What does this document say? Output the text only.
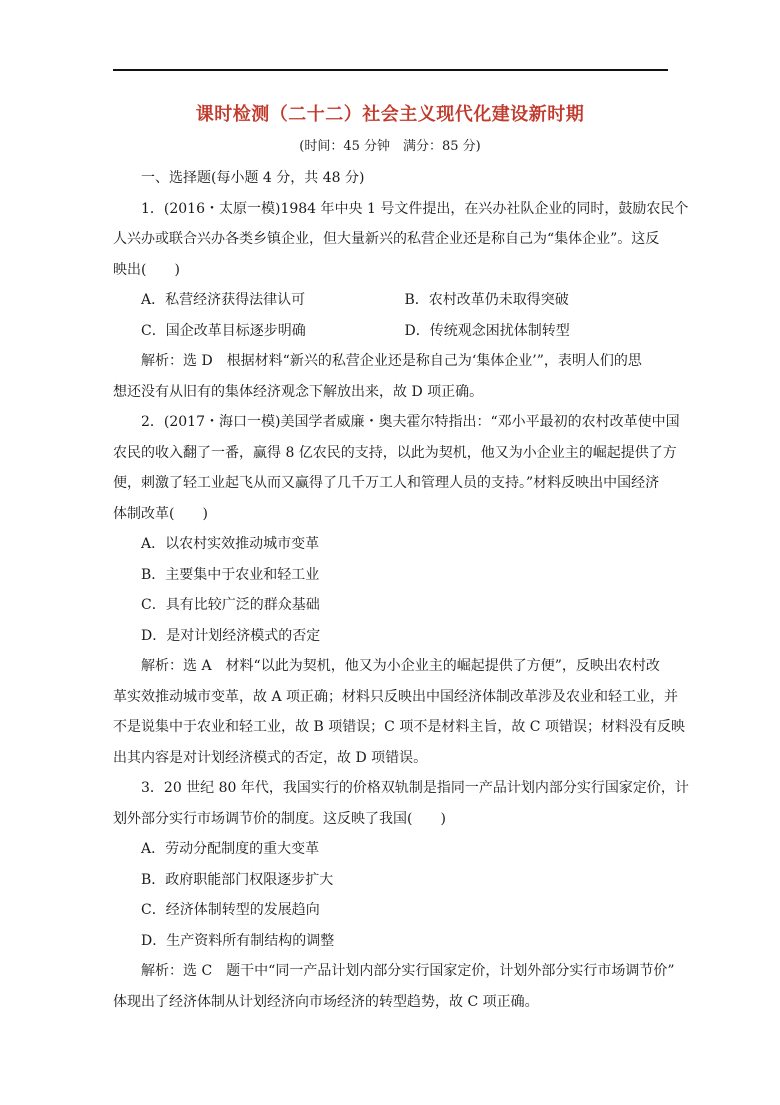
课时检测（二十二）社会主义现代化建设新时期
(时间：45 分钟　满分：85 分)
一、选择题(每小题 4 分，共 48 分)
1．(2016・太原一模)1984 年中央 1 号文件提出，在兴办社队企业的同时，鼓励农民个
人兴办或联合兴办各类乡镇企业，但大量新兴的私营企业还是称自己为“集体企业”。这反
映出(　　)
A．私营经济获得法律认可	B．农村改革仍未取得突破
C．国企改革目标逐步明确	D．传统观念困扰体制转型
解析：选 D　根据材料“新兴的私营企业还是称自己为‘集体企业’”，表明人们的思
想还没有从旧有的集体经济观念下解放出来，故 D 项正确。
2．(2017・海口一模)美国学者威廉・奥夫霍尔特指出：“邓小平最初的农村改革使中国
农民的收入翻了一番，赢得 8 亿农民的支持，以此为契机，他又为小企业主的崛起提供了方
便，刺激了轻工业起飞从而又赢得了几千万工人和管理人员的支持。”材料反映出中国经济
体制改革(　　)
A．以农村实效推动城市变革
B．主要集中于农业和轻工业
C．具有比较广泛的群众基础
D．是对计划经济模式的否定
解析：选 A　材料“以此为契机，他又为小企业主的崛起提供了方便”，反映出农村改
革实效推动城市变革，故 A 项正确；材料只反映出中国经济体制改革涉及农业和轻工业，并
不是说集中于农业和轻工业，故 B 项错误；C 项不是材料主旨，故 C 项错误；材料没有反映
出其内容是对计划经济模式的否定，故 D 项错误。
3．20 世纪 80 年代，我国实行的价格双轨制是指同一产品计划内部分实行国家定价，计
划外部分实行市场调节价的制度。这反映了我国(　　)
A．劳动分配制度的重大变革
B．政府职能部门权限逐步扩大
C．经济体制转型的发展趋向
D．生产资料所有制结构的调整
解析：选 C　题干中“同一产品计划内部分实行国家定价，计划外部分实行市场调节价”
体现出了经济体制从计划经济向市场经济的转型趋势，故 C 项正确。
